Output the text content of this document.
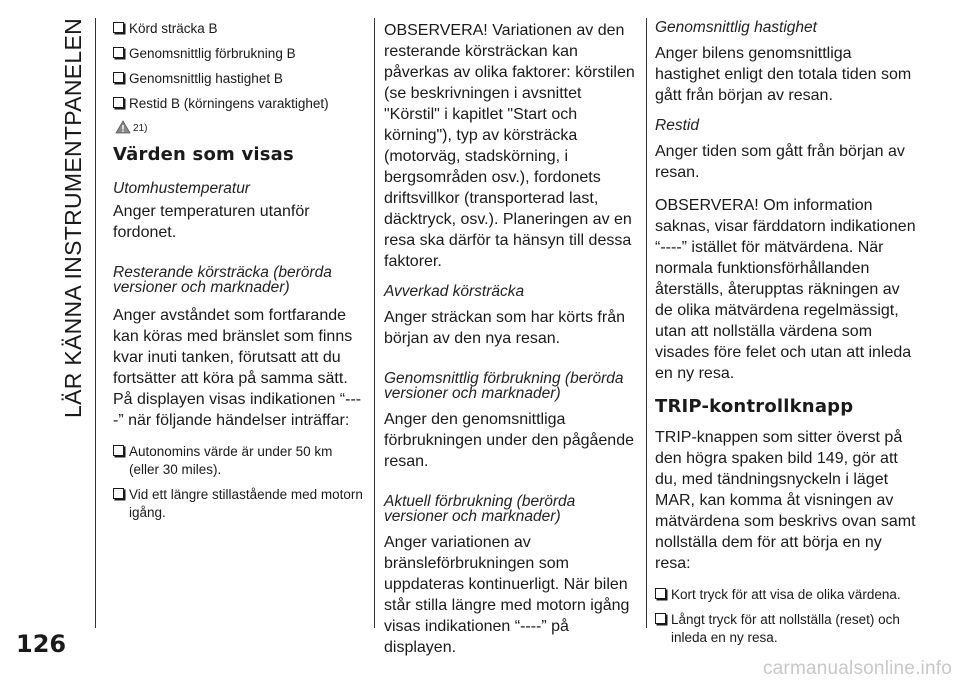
LÄR KÄNNA INSTRUMENTPANELEN
126

Körd sträcka B

Genomsnittlig förbrukning B

Genomsnittlig hastighet B

Restid B (körningens varaktighet)

21)
Värden som visas

Utomhustemperatur

Anger temperaturen utanför fordonet.

Resterande körsträcka (berörda versioner och marknader)

Anger avståndet som fortfarande kan köras med bränslet som finns kvar inuti tanken, förutsatt att du fortsätter att köra på samma sätt. På displayen visas indikationen “----” när följande händelser inträffar:

Autonomins värde är under 50 km (eller 30 miles).

Vid ett längre stillastående med motorn igång.

OBSERVERA! Variationen av den resterande körsträckan kan påverkas av olika faktorer: körstilen (se beskrivningen i avsnittet "Körstil" i kapitlet "Start och körning"), typ av körsträcka (motorväg, stadskörning, i bergsområden osv.), fordonets driftsvillkor (transporterad last, däcktryck, osv.). Planeringen av en resa ska därför ta hänsyn till dessa faktorer.

Avverkad körsträcka

Anger sträckan som har körts från början av den nya resan.

Genomsnittlig förbrukning (berörda versioner och marknader)

Anger den genomsnittliga förbrukningen under den pågående resan.

Aktuell förbrukning (berörda versioner och marknader)

Anger variationen av bränsleförbrukningen som uppdateras kontinuerligt. När bilen står stilla längre med motorn igång visas indikationen “----” på displayen.

Genomsnittlig hastighet

Anger bilens genomsnittliga hastighet enligt den totala tiden som gått från början av resan.

Restid

Anger tiden som gått från början av resan.

OBSERVERA! Om information saknas, visar färddatorn indikationen “----” istället för mätvärdena. När normala funktionsförhållanden återställs, återupptas räkningen av de olika mätvärdena regelmässigt, utan att nollställa värdena som visades före felet och utan att inleda en ny resa.

TRIP-kontrollknapp

TRIP-knappen som sitter överst på den högra spaken bild 149, gör att du, med tändningsnyckeln i läget MAR, kan komma åt visningen av mätvärdena som beskrivs ovan samt nollställa dem för att börja en ny resa:

Kort tryck för att visa de olika värdena.

Långt tryck för att nollställa (reset) och inleda en ny resa.

carmanualsonline.info
